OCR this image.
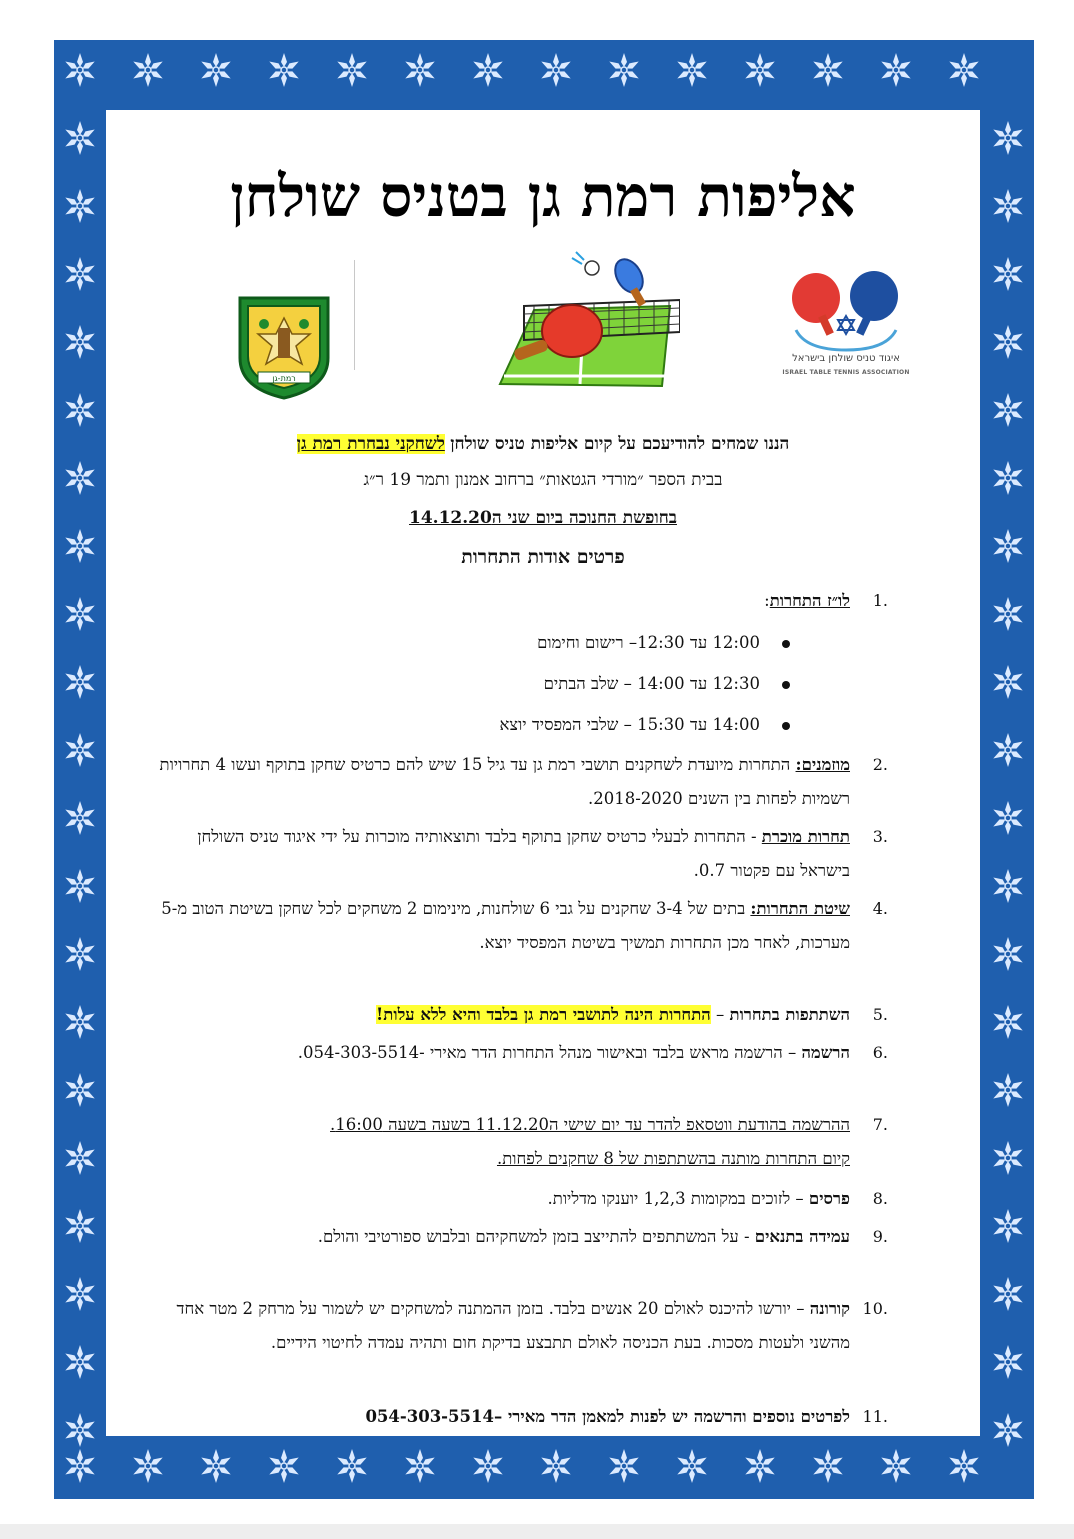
אליפות רמת גן בטניס שולחן
רמת-גן
איגוד טניס שולחן בישראל
ISRAEL TABLE TENNIS ASSOCIATION
הננו שמחים להודיעכם על קיום אליפות טניס שולחן לשחקני נבחרת רמת גן
בבית הספר ״מורדי הגטאות״ ברחוב אמנון ותמר 19 ר״ג
בחופשת החנוכה ביום שני ה14.12.20
פרטים אודות התחרות
1.
לו״ז התחרות:
12:00 עד 12:30– רישום וחימום
12:30 עד 14:00 – שלב הבתים
14:00 עד 15:30 – שלבי המפסיד יוצא
2.
מוזמנים: התחרות מיועדת לשחקנים תושבי רמת גן עד גיל 15 שיש להם כרטיס שחקן בתוקף ועשו 4 תחרויות רשמיות לפחות בין השנים 2018-2020.
3.
תחרות מוכרת - התחרות לבעלי כרטיס שחקן בתוקף בלבד ותוצאותיה מוכרות על ידי איגוד טניס השולחן בישראל עם פקטור 0.7.
4.
שיטת התחרות: בתים של 3-4 שחקנים על גבי 6 שולחנות, מינימום 2 משחקים לכל שחקן בשיטת הטוב מ-5 מערכות, לאחר מכן התחרות תמשיך בשיטת המפסיד יוצא.
5.
השתתפות בתחרות – התחרות הינה לתושבי רמת גן בלבד והיא ללא עלות!
6.
הרשמה – הרשמה מראש בלבד ובאישור מנהל התחרות הדר מאירי -054-303-5514.
7.
ההרשמה בהודעת ווטסאפ להדר עד יום שישי ה11.12.20 בשעה בשעה 16:00.
קיום התחרות מותנה בהשתתפות של 8 שחקנים לפחות.
8.
פרסים – לזוכים במקומות 1,2,3 יוענקו מדליות.
9.
עמידה בתנאים - על המשתתפים להתייצב בזמן למשחקיהם ובלבוש ספורטיבי והולם.
10.
קורונה – יורשו להיכנס לאולם 20 אנשים בלבד. בזמן ההמתנה למשחקים יש לשמור על מרחק 2 מטר אחד מהשני ולעטות מסכות. בעת הכניסה לאולם תתבצע בדיקת חום ותהיה עמדה לחיטוי הידיים.
11.
לפרטים נוספים והרשמה יש לפנות למאמן הדר מאירי –054-303-5514
